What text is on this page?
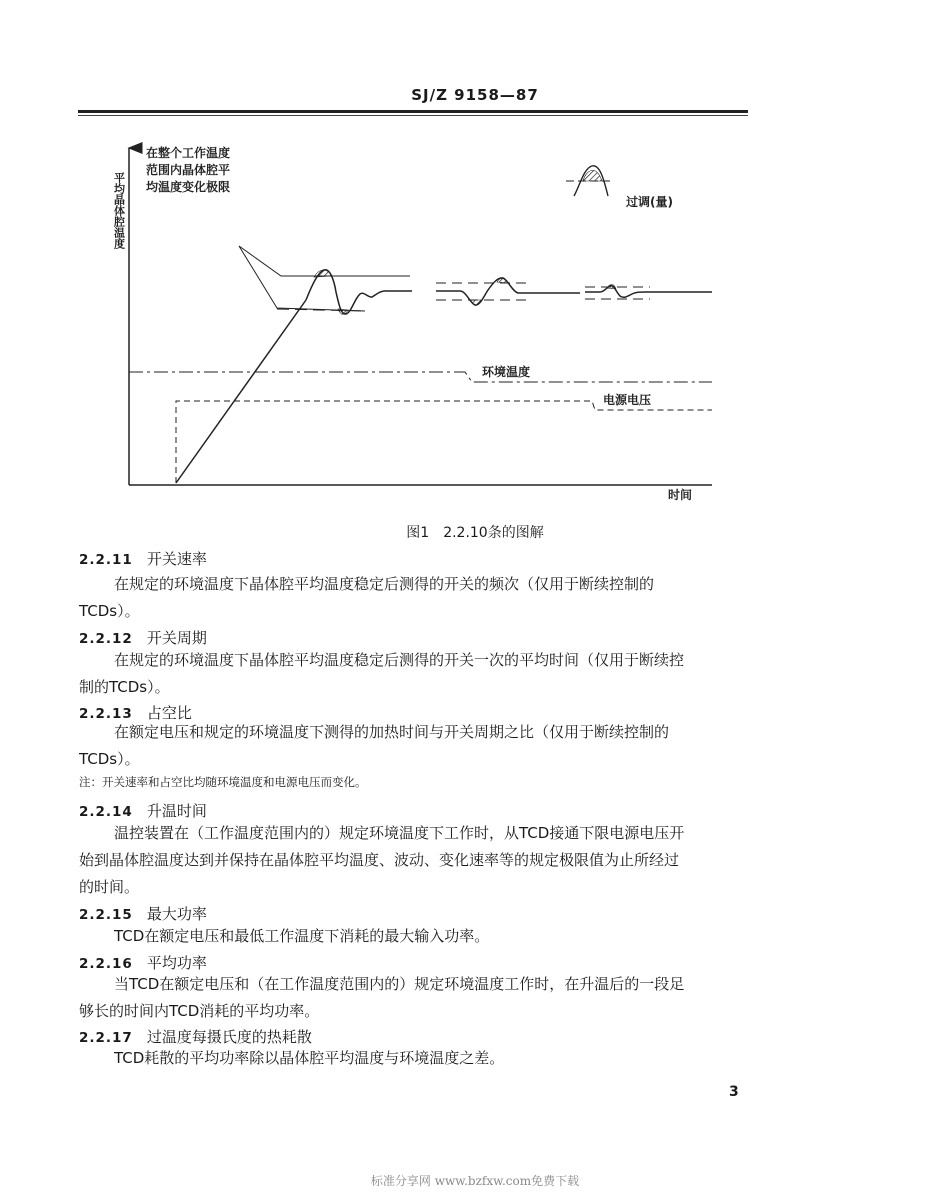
SJ/Z 9158—87
平均晶体腔温度
在整个工作温度
范围内晶体腔平
均温度变化极限
过调(量)
环境温度
电源电压
时间
图1　2.2.10条的图解
2.2.11 开关速率
在规定的环境温度下晶体腔平均温度稳定后测得的开关的频次（仅用于断续控制的
TCDs）。
2.2.12 开关周期
在规定的环境温度下晶体腔平均温度稳定后测得的开关一次的平均时间（仅用于断续控
制的TCDs）。
2.2.13 占空比
在额定电压和规定的环境温度下测得的加热时间与开关周期之比（仅用于断续控制的
TCDs）。
注：开关速率和占空比均随环境温度和电源电压而变化。
2.2.14 升温时间
温控装置在（工作温度范围内的）规定环境温度下工作时，从TCD接通下限电源电压开
始到晶体腔温度达到并保持在晶体腔平均温度、波动、变化速率等的规定极限值为止所经过
的时间。
2.2.15 最大功率
TCD在额定电压和最低工作温度下消耗的最大输入功率。
2.2.16 平均功率
当TCD在额定电压和（在工作温度范围内的）规定环境温度工作时，在升温后的一段足
够长的时间内TCD消耗的平均功率。
2.2.17 过温度每摄氏度的热耗散
TCD耗散的平均功率除以晶体腔平均温度与环境温度之差。
3
标准分享网 www.bzfxw.com免费下载
